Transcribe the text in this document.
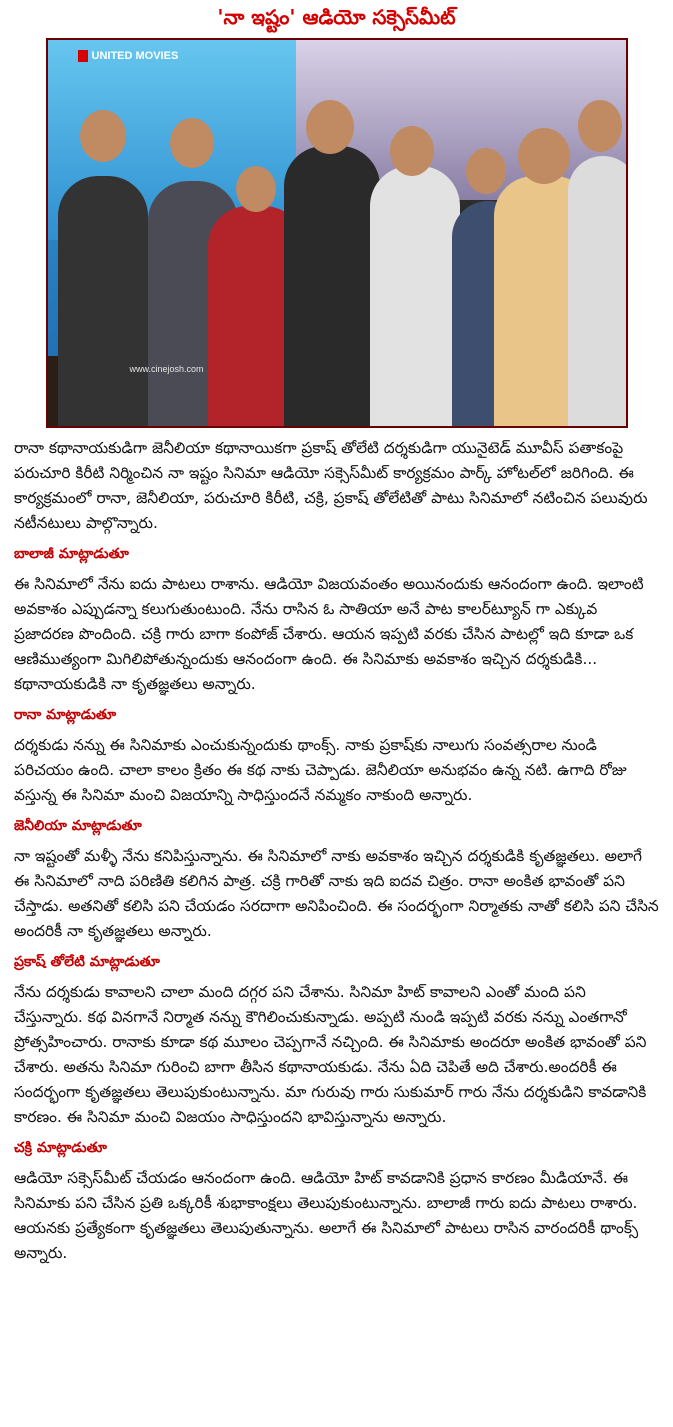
'నా ఇష్టం' ఆడియో సక్సెస్‌మీట్
UNITED MOVIES
www.cinejosh.com

రానా కథానాయకుడిగా జెనీలియా కథానాయికగా ప్రకాష్ తోలేటి దర్శకుడిగా యునైటెడ్ మూవీస్ పతాకంపై పరుచూరి కిరీటి నిర్మించిన నా ఇష్టం సినిమా ఆడియో సక్సెస్‌మీట్ కార్యక్రమం పార్క్ హోటల్‌లో జరిగింది. ఈ కార్యక్రమంలో రానా, జెనీలియా, పరుచూరి కిరీటి, చక్రి, ప్రకాష్ తోలేటితో పాటు సినిమాలో నటించిన పలువురు నటీనటులు పాల్గొన్నారు.

బాలాజీ మాట్లాడుతూ

ఈ సినిమాలో నేను ఐదు పాటలు రాశాను. ఆడియో విజయవంతం అయినందుకు ఆనందంగా ఉంది. ఇలాంటి అవకాశం ఎప్పుడన్నా కలుగుతుంటుంది. నేను రాసిన ఓ సాతియా అనే పాట కాలర్‌ట్యూన్ గా ఎక్కువ ప్రజాదరణ పొందింది. చక్రి గారు బాగా కంపోజ్ చేశారు. ఆయన ఇప్పటి వరకు చేసిన పాటల్లో ఇది కూడా ఒక ఆణిముత్యంగా మిగిలిపోతున్నందుకు ఆనందంగా ఉంది. ఈ సినిమాకు అవకాశం ఇచ్చిన దర్శకుడికి... కథానాయకుడికి నా కృతజ్ఞతలు అన్నారు.

రానా మాట్లాడుతూ

దర్శకుడు నన్ను ఈ సినిమాకు ఎంచుకున్నందుకు థాంక్స్. నాకు ప్రకాష్‌కు నాలుగు సంవత్సరాల నుండి పరిచయం ఉంది. చాలా కాలం క్రితం ఈ కథ నాకు చెప్పాడు. జెనీలియా అనుభవం ఉన్న నటి. ఉగాది రోజు వస్తున్న ఈ సినిమా మంచి విజయాన్ని సాధిస్తుందనే నమ్మకం నాకుంది అన్నారు.

జెనీలియా మాట్లాడుతూ

నా ఇష్టంతో మళ్ళీ నేను కనిపిస్తున్నాను. ఈ సినిమాలో నాకు అవకాశం ఇచ్చిన దర్శకుడికి కృతజ్ఞతలు. అలాగే ఈ సినిమాలో నాది పరిణితి కలిగిన పాత్ర. చక్రి గారితో నాకు ఇది ఐదవ చిత్రం. రానా అంకిత భావంతో పని చేస్తాడు. అతనితో కలిసి పని చేయడం సరదాగా అనిపించింది. ఈ సందర్భంగా నిర్మాతకు నాతో కలిసి పని చేసిన అందరికీ నా కృతజ్ఞతలు అన్నారు.

ప్రకాష్ తోలేటి మాట్లాడుతూ

నేను దర్శకుడు కావాలని చాలా మంది దగ్గర పని చేశాను. సినిమా హిట్ కావాలని ఎంతో మంది పని చేస్తున్నారు. కథ వినగానే నిర్మాత నన్ను కౌగిలించుకున్నాడు. అప్పటి నుండి ఇప్పటి వరకు నన్ను ఎంతగానో ప్రోత్సహించారు. రానాకు కూడా కథ మూలం చెప్పగానే నచ్చింది. ఈ సినిమాకు అందరూ అంకిత భావంతో పని చేశారు. అతను సినిమా గురించి బాగా తీసిన కథానాయకుడు. నేను ఏది చెపితే అది చేశారు.అందరికీ ఈ సందర్భంగా కృతజ్ఞతలు తెలుపుకుంటున్నాను. మా గురువు గారు సుకుమార్ గారు నేను దర్శకుడిని కావడానికి కారణం. ఈ సినిమా మంచి విజయం సాధిస్తుందని భావిస్తున్నాను అన్నారు.

చక్రి మాట్లాడుతూ

ఆడియో సక్సెస్‌మీట్ చేయడం ఆనందంగా ఉంది. ఆడియో హిట్ కావడానికి ప్రధాన కారణం మీడియానే. ఈ సినిమాకు పని చేసిన ప్రతి ఒక్కరికీ శుభాకాంక్షలు తెలుపుకుంటున్నాను. బాలాజీ గారు ఐదు పాటలు రాశారు. ఆయనకు ప్రత్యేకంగా కృతజ్ఞతలు తెలుపుతున్నాను. అలాగే ఈ సినిమాలో పాటలు రాసిన వారందరికీ థాంక్స్ అన్నారు.
